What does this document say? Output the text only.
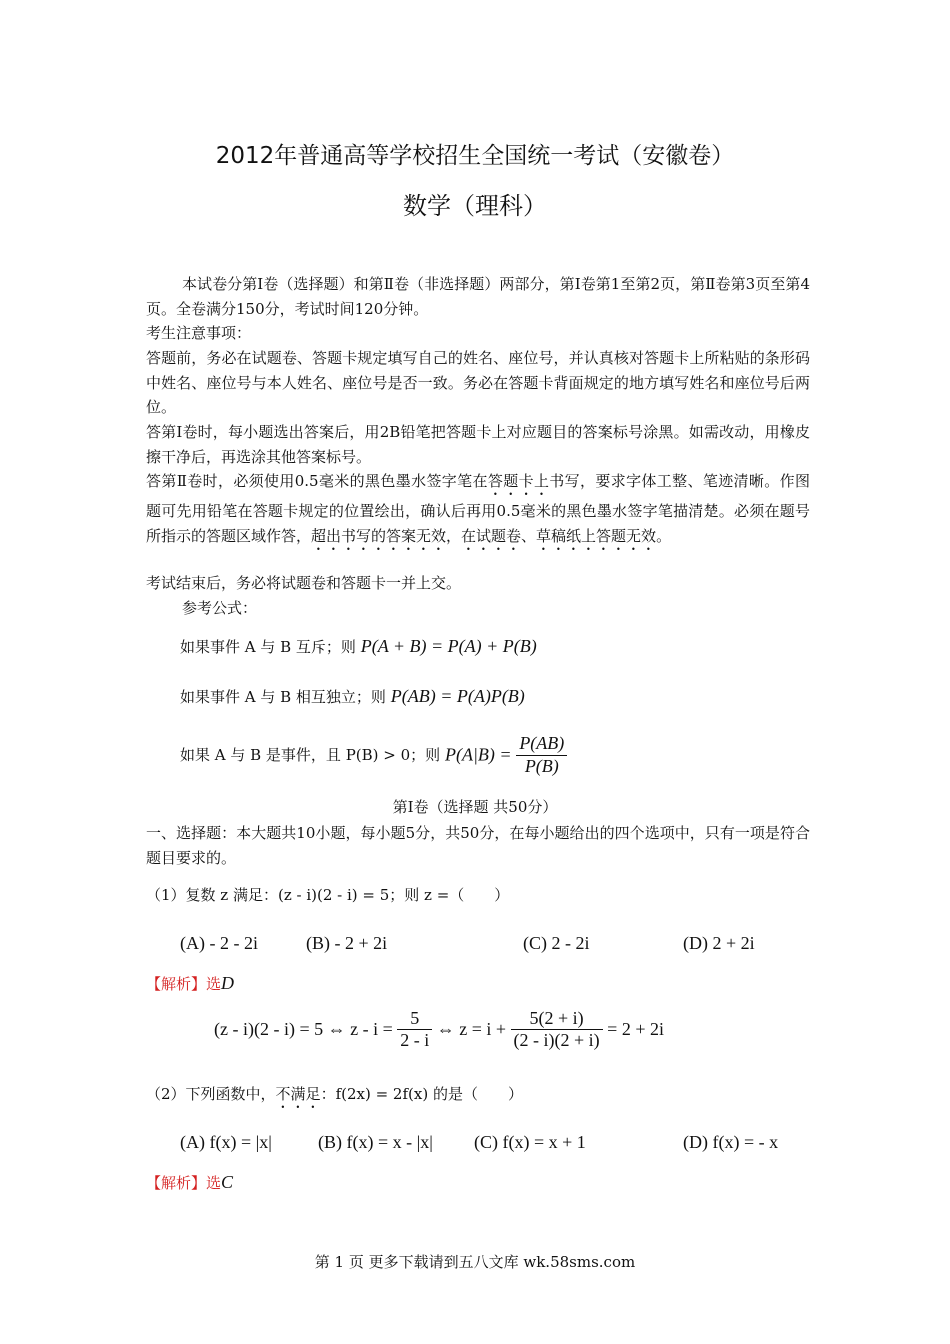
2012年普通高等学校招生全国统一考试（安徽卷）
数学（理科）
本试卷分第Ⅰ卷（选择题）和第Ⅱ卷（非选择题）两部分，第Ⅰ卷第1至第2页，第Ⅱ卷第3页至第4页。全卷满分150分，考试时间120分钟。
考生注意事项：
答题前，务必在试题卷、答题卡规定填写自己的姓名、座位号，并认真核对答题卡上所粘贴的条形码中姓名、座位号与本人姓名、座位号是否一致。务必在答题卡背面规定的地方填写姓名和座位号后两位。
答第Ⅰ卷时，每小题选出答案后，用2B铅笔把答题卡上对应题目的答案标号涂黑。如需改动，用橡皮擦干净后，再选涂其他答案标号。
答第Ⅱ卷时，必须使用0.5毫米的黑色墨水签字笔在答题卡上书写，要求字体工整、笔迹清晰。作图题可先用铅笔在答题卡规定的位置绘出，确认后再用0.5毫米的黑色墨水签字笔描清楚。必须在题号所指示的答题区域作答，超出书写的答案无效，在试题卷、草稿纸上答题无效。
考试结束后，务必将试题卷和答题卡一并上交。
参考公式：
如果事件 A 与 B 互斥；则 P(A + B) = P(A) + P(B)
如果事件 A 与 B 相互独立；则 P(AB) = P(A)P(B)
如果 A 与 B 是事件，且 P(B) > 0；则 $P(A|B) = \frac{P(AB)}{P(B)}$
第Ⅰ卷（选择题 共50分）
一、选择题：本大题共10小题，每小题5分，共50分，在每小题给出的四个选项中，只有一项是符合题目要求的。
（1）复数 z 满足：(z - i)(2 - i) = 5；则 z =（　　）
(A) - 2 - 2i	(B) - 2 + 2i	(C) 2 - 2i	(D) 2 + 2i
【解析】选D
(z - i)(2 - i) = 5 ⇔ $z - i = \frac{5}{2 - i}$ ⇔ $z = i + \frac{5(2 + i)}{(2 - i)(2 + i)} = 2 + 2i$
（2）下列函数中，不满足：f(2x) = 2f(x) 的是（　　）
(A) f(x) = |x|	(B) f(x) = x - |x| (C) f(x) = x + 1	(D) f(x) = - x
【解析】选C
第 1 页 更多下载请到五八文库 wk.58sms.com
